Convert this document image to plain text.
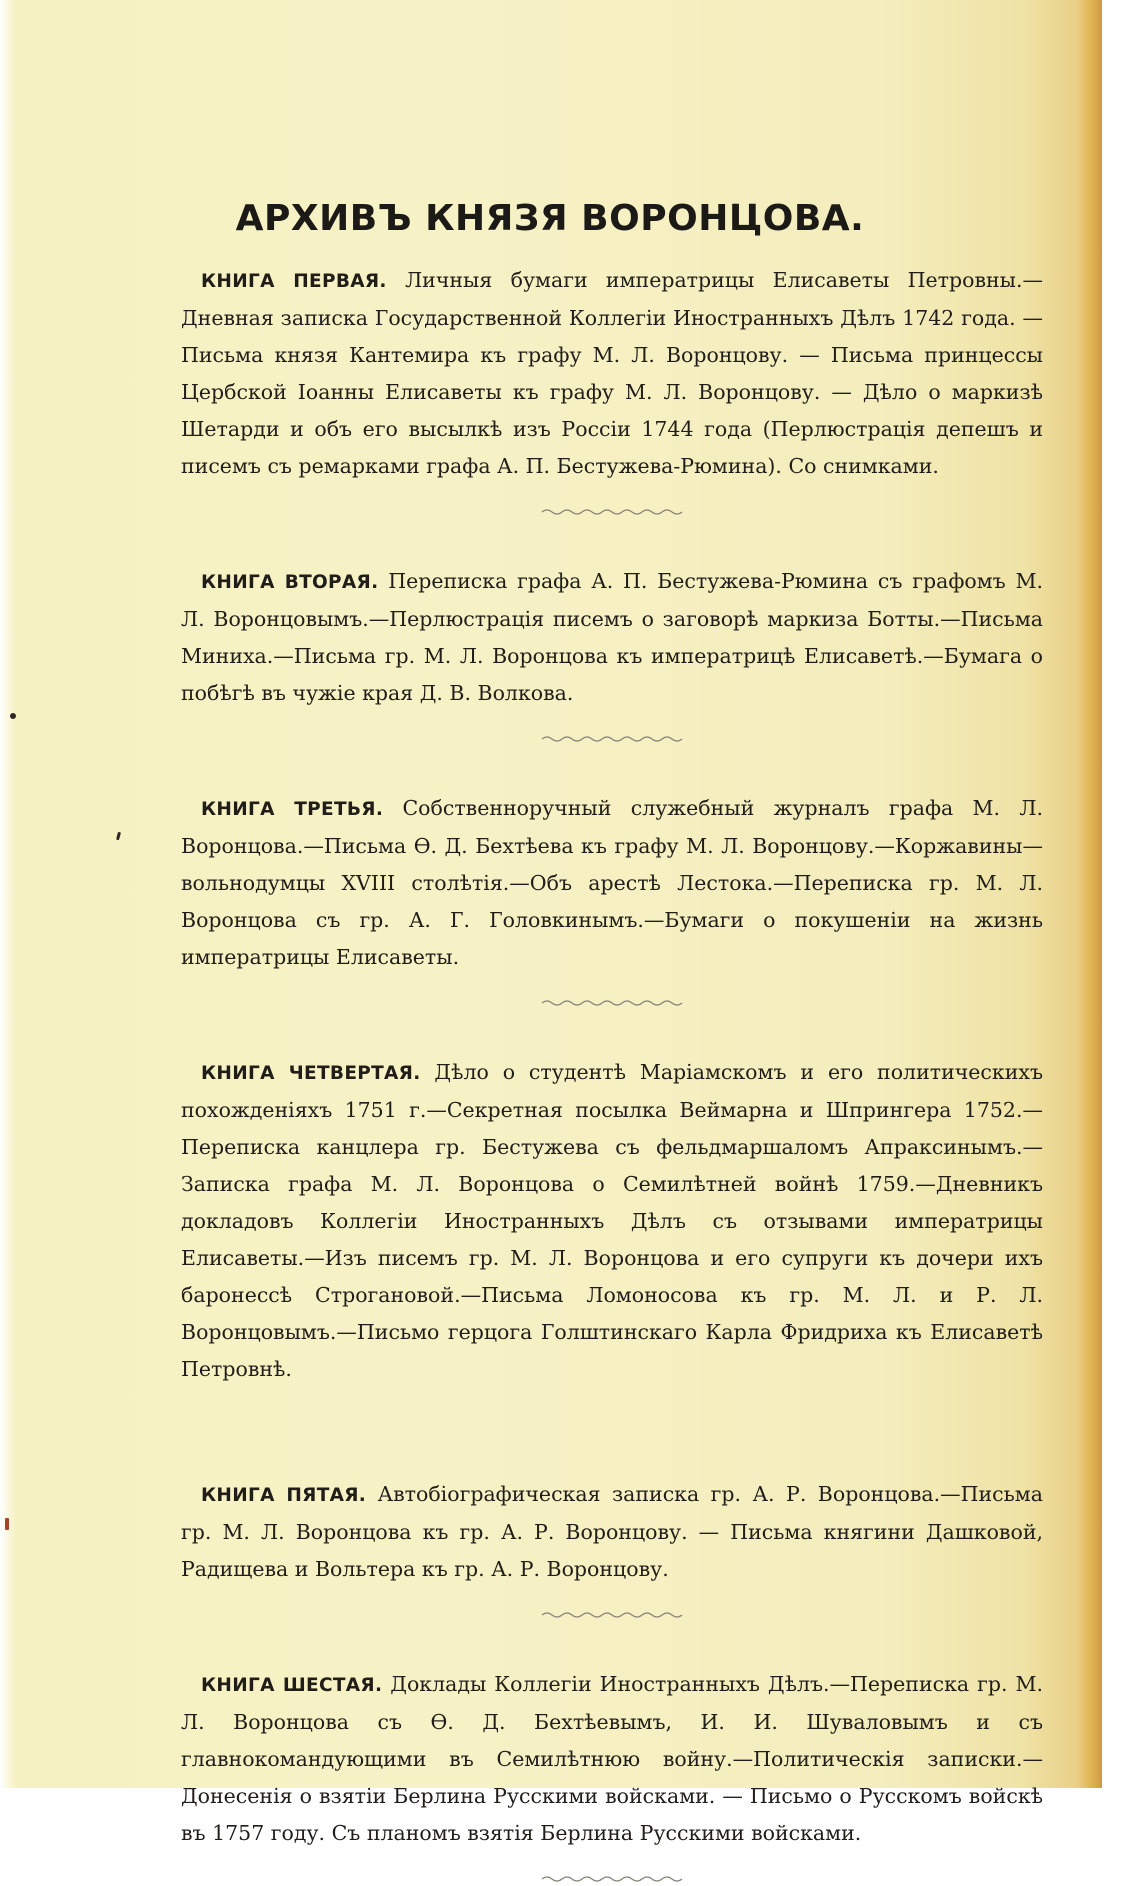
АРХИВЪ КНЯЗЯ ВОРОНЦОВА.

КНИГА ПЕРВАЯ. Личныя бумаги императрицы Елисаветы Петровны.—Дневная записка Государственной Коллегіи Иностранныхъ Дѣлъ 1742 года. — Письма князя Кантемира къ графу М. Л. Воронцову. — Письма принцессы Цербской Іоанны Елисаветы къ графу М. Л. Воронцову. — Дѣло о маркизѣ Шетарди и объ его высылкѣ изъ Россіи 1744 года (Перлюстрація депешъ и писемъ съ ремарками графа А. П. Бестужева-Рюмина). Со снимками.

КНИГА ВТОРАЯ. Переписка графа А. П. Бестужева-Рюмина съ графомъ М. Л. Воронцовымъ.—Перлюстрація писемъ о заговорѣ маркиза Ботты.—Письма Миниха.—Письма гр. М. Л. Воронцова къ императрицѣ Елисаветѣ.—Бумага о побѣгѣ въ чужіе края Д. В. Волкова.

КНИГА ТРЕТЬЯ. Собственноручный служебный журналъ графа М. Л. Воронцова.—Письма Ѳ. Д. Бехтѣева къ графу М. Л. Воронцову.—Коржавины—вольнодумцы XVIII столѣтія.—Объ арестѣ Лестока.—Переписка гр. М. Л. Воронцова съ гр. А. Г. Головкинымъ.—Бумаги о покушеніи на жизнь императрицы Елисаветы.

КНИГА ЧЕТВЕРТАЯ. Дѣло о студентѣ Маріамскомъ и его политическихъ похожденіяхъ 1751 г.—Секретная посылка Веймарна и Шпрингера 1752.—Переписка канцлера гр. Бестужева съ фельдмаршаломъ Апраксинымъ.—Записка графа М. Л. Воронцова о Семилѣтней войнѣ 1759.—Дневникъ докладовъ Коллегіи Иностранныхъ Дѣлъ съ отзывами императрицы Елисаветы.—Изъ писемъ гр. М. Л. Воронцова и его супруги къ дочери ихъ баронессѣ Строгановой.—Письма Ломоносова къ гр. М. Л. и Р. Л. Воронцовымъ.—Письмо герцога Голштинскаго Карла Фридриха къ Елисаветѣ Петровнѣ.

КНИГА ПЯТАЯ. Автобіографическая записка гр. А. Р. Воронцова.—Письма гр. М. Л. Воронцова къ гр. А. Р. Воронцову. — Письма княгини Дашковой, Радищева и Вольтера къ гр. А. Р. Воронцову.

КНИГА ШЕСТАЯ. Доклады Коллегіи Иностранныхъ Дѣлъ.—Переписка гр. М. Л. Воронцова съ Ѳ. Д. Бехтѣевымъ, И. И. Шуваловымъ и съ главнокомандующими въ Семилѣтнюю войну.—Политическія записки.—Донесенія о взятіи Берлина Русскими войсками. — Письмо о Русскомъ войскѣ въ 1757 году. Съ планомъ взятія Берлина Русскими войсками.
